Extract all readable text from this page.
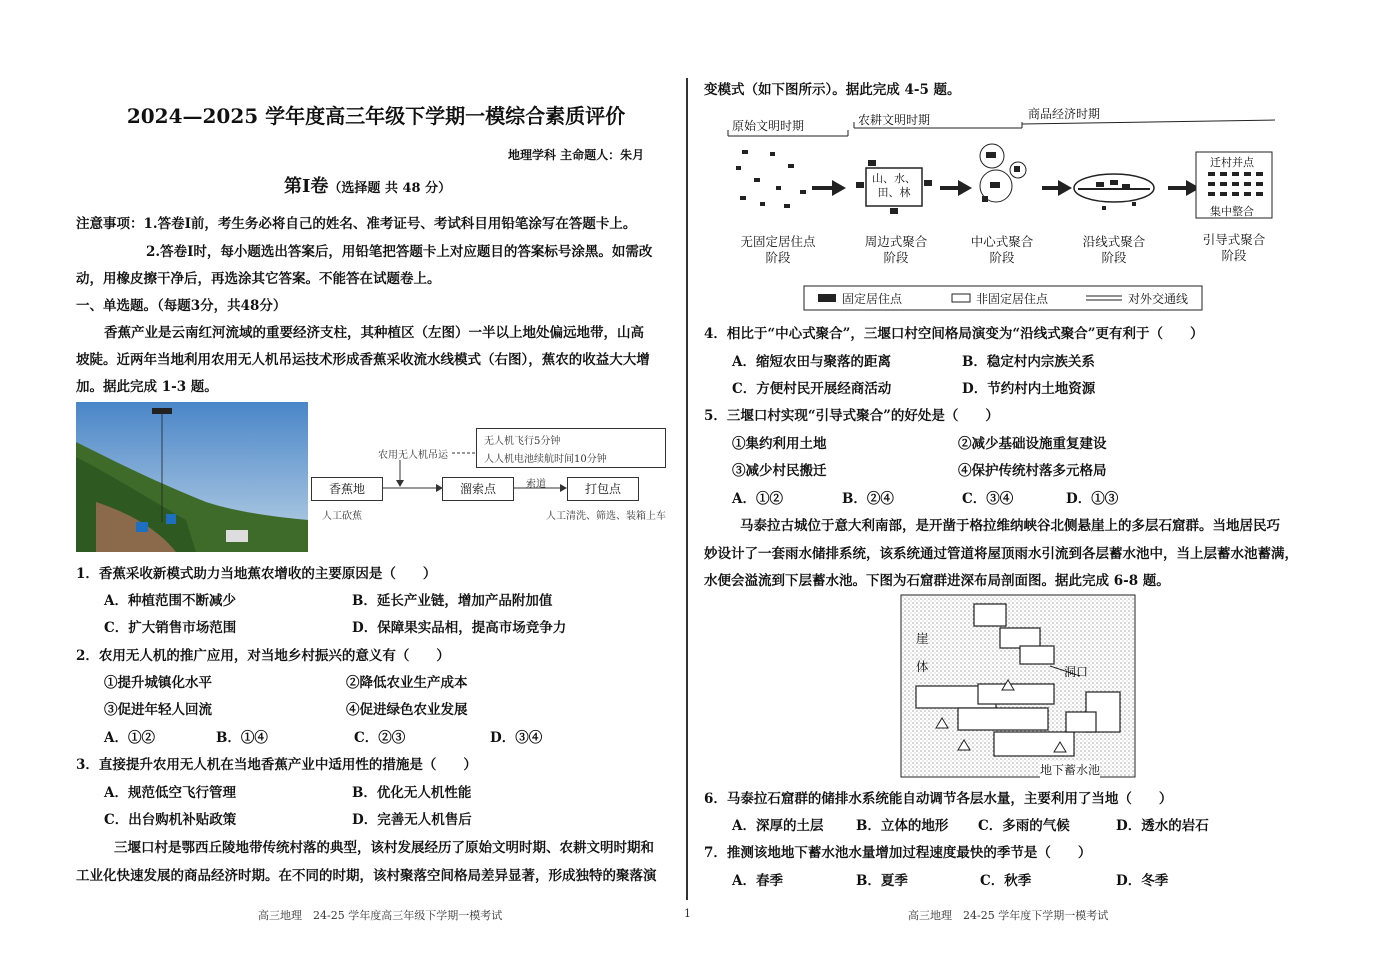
2024—2025 学年度高三年级下学期一模综合素质评价
地理学科 主命题人：朱月
第Ⅰ卷（选择题 共 48 分）
注意事项：1.答卷Ⅰ前，考生务必将自己的姓名、准考证号、考试科目用铅笔涂写在答题卡上。
2.答卷Ⅰ时，每小题选出答案后，用铅笔把答题卡上对应题目的答案标号涂黑。如需改
动，用橡皮擦干净后，再选涂其它答案。不能答在试题卷上。
一、单选题。（每题3分，共48分）
香蕉产业是云南红河流域的重要经济支柱，其种植区（左图）一半以上地处偏远地带，山高
坡陡。近两年当地利用农用无人机吊运技术形成香蕉采收流水线模式（右图），蕉农的收益大大增
加。据此完成 1-3 题。
无人机飞行5分钟
人人机电池续航时间10分钟
农用无人机吊运
香蕉地	溜索点	打包点
索道
人工砍蕉	人工清洗、筛选、装箱上车
1．香蕉采收新模式助力当地蕉农增收的主要原因是（　　）
A．种植范围不断减少	B．延长产业链，增加产品附加值
C．扩大销售市场范围	D．保障果实品相，提高市场竞争力
2．农用无人机的推广应用，对当地乡村振兴的意义有（　　）
①提升城镇化水平	②降低农业生产成本
③促进年轻人回流	④促进绿色农业发展
A．①②	B．①④	C．②③	D．③④
3．直接提升农用无人机在当地香蕉产业中适用性的措施是（　　）
A．规范低空飞行管理	B．优化无人机性能
C．出台购机补贴政策	D．完善无人机售后
三堰口村是鄂西丘陵地带传统村落的典型，该村发展经历了原始文明时期、农耕文明时期和
工业化快速发展的商品经济时期。在不同的时期，该村聚落空间格局差异显著，形成独特的聚落演
高三地理　24-25 学年度高三年级下学期一模考试	1
变模式（如下图所示）。据此完成 4-5 题。
原始文明时期	农耕文明时期	商品经济时期
山、水、
田、林
迁村并点
集中整合
无固定居住点
阶段
周边式聚合
阶段
中心式聚合
阶段
沿线式聚合
阶段
引导式聚合
阶段
固定居住点	非固定居住点	对外交通线
4．相比于“中心式聚合”，三堰口村空间格局演变为“沿线式聚合”更有利于（　　）
A．缩短农田与聚落的距离	B．稳定村内宗族关系
C．方便村民开展经商活动	D．节约村内土地资源
5．三堰口村实现“引导式聚合”的好处是（　　）
①集约利用土地	②减少基础设施重复建设
③减少村民搬迁	④保护传统村落多元格局
A．①②	B．②④	C．③④	D．①③
马泰拉古城位于意大利南部，是开凿于格拉维纳峡谷北侧悬崖上的多层石窟群。当地居民巧
妙设计了一套雨水储排系统，该系统通过管道将屋顶雨水引流到各层蓄水池中，当上层蓄水池蓄满，
水便会溢流到下层蓄水池。下图为石窟群进深布局剖面图。据此完成 6-8 题。
崖
体	洞口
地下蓄水池
6．马泰拉石窟群的储排水系统能自动调节各层水量，主要利用了当地（　　）
A．深厚的土层 B．立体的地形 C．多雨的气候	D．透水的岩石
7．推测该地地下蓄水池水量增加过程速度最快的季节是（　　）
A．春季	B．夏季	C．秋季	D．冬季
高三地理　24-25 学年度下学期一模考试
